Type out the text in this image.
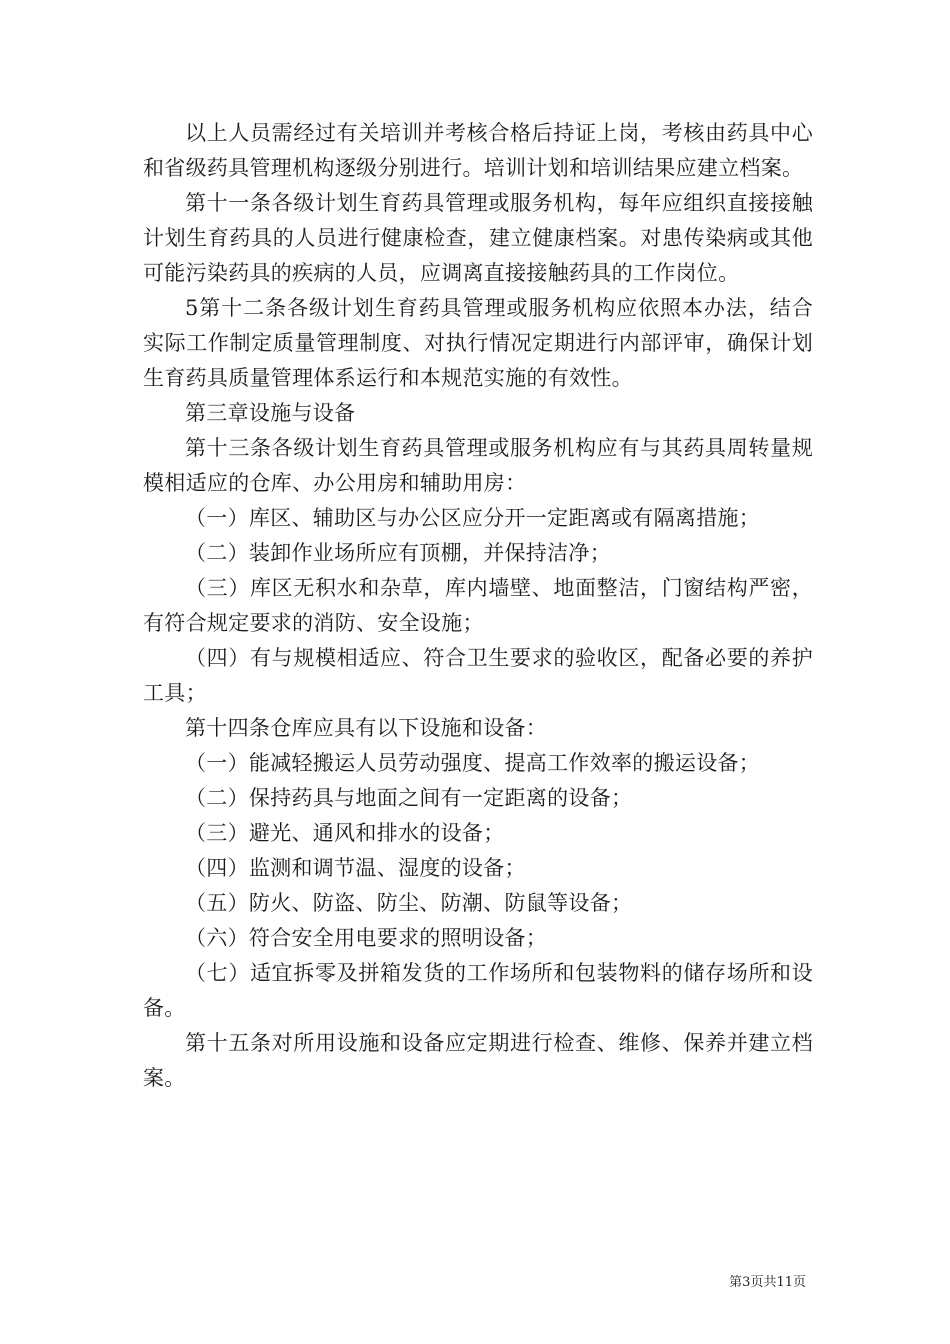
以上人员需经过有关培训并考核合格后持证上岗，考核由药具中心和省级药具管理机构逐级分别进行。培训计划和培训结果应建立档案。

第十一条各级计划生育药具管理或服务机构，每年应组织直接接触计划生育药具的人员进行健康检查，建立健康档案。对患传染病或其他可能污染药具的疾病的人员，应调离直接接触药具的工作岗位。

5第十二条各级计划生育药具管理或服务机构应依照本办法，结合实际工作制定质量管理制度、对执行情况定期进行内部评审，确保计划生育药具质量管理体系运行和本规范实施的有效性。

第三章设施与设备

第十三条各级计划生育药具管理或服务机构应有与其药具周转量规模相适应的仓库、办公用房和辅助用房：

（一）库区、辅助区与办公区应分开一定距离或有隔离措施；

（二）装卸作业场所应有顶棚，并保持洁净；

（三）库区无积水和杂草，库内墙壁、地面整洁，门窗结构严密，有符合规定要求的消防、安全设施；

（四）有与规模相适应、符合卫生要求的验收区，配备必要的养护工具；

第十四条仓库应具有以下设施和设备：

（一）能减轻搬运人员劳动强度、提高工作效率的搬运设备；

（二）保持药具与地面之间有一定距离的设备；

（三）避光、通风和排水的设备；

（四）监测和调节温、湿度的设备；

（五）防火、防盗、防尘、防潮、防鼠等设备；

（六）符合安全用电要求的照明设备；

（七）适宜拆零及拼箱发货的工作场所和包装物料的储存场所和设备。

第十五条对所用设施和设备应定期进行检查、维修、保养并建立档案。

第3页共11页
